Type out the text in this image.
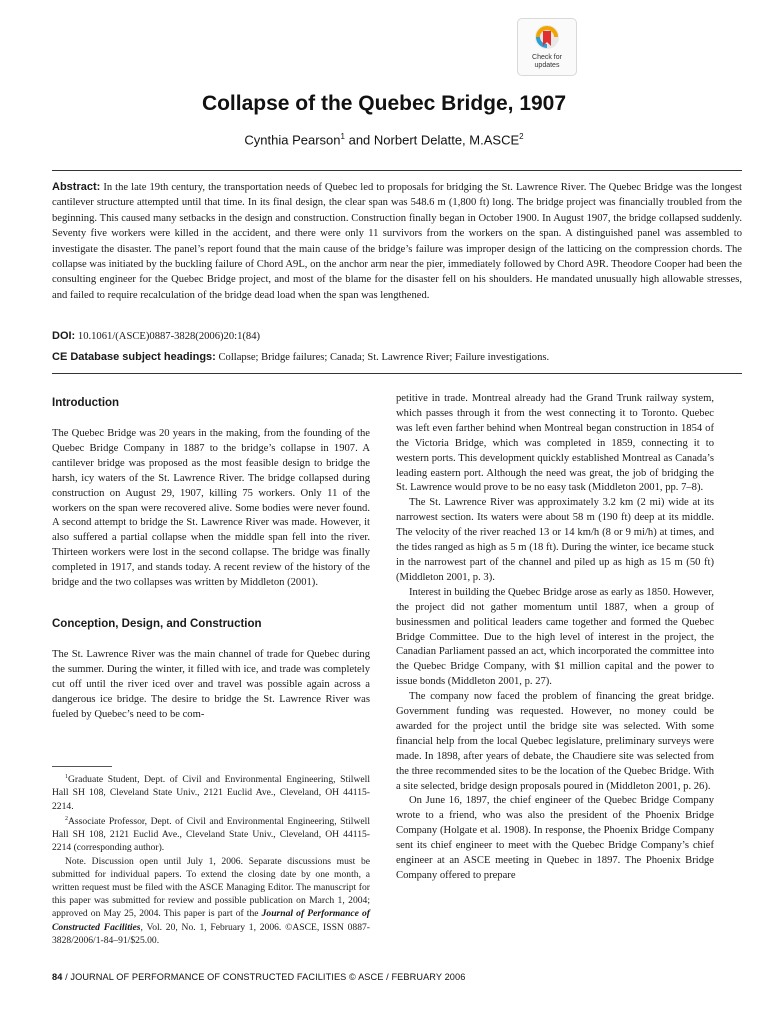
Check for
updates
Collapse of the Quebec Bridge, 1907
Cynthia Pearson$^1$ and Norbert Delatte, M.ASCE$^2$
Abstract: In the late 19th century, the transportation needs of Quebec led to proposals for bridging the St. Lawrence River. The Quebec Bridge was the longest cantilever structure attempted until that time. In its final design, the clear span was 548.6 m (1,800 ft) long. The bridge project was financially troubled from the beginning. This caused many setbacks in the design and construction. Construction finally began in October 1900. In August 1907, the bridge collapsed suddenly. Seventy five workers were killed in the accident, and there were only 11 survivors from the workers on the span. A distinguished panel was assembled to investigate the disaster. The panel’s report found that the main cause of the bridge’s failure was improper design of the latticing on the compression chords. The collapse was initiated by the buckling failure of Chord A9L, on the anchor arm near the pier, immediately followed by Chord A9R. Theodore Cooper had been the consulting engineer for the Quebec Bridge project, and most of the blame for the disaster fell on his shoulders. He mandated unusually high allowable stresses, and failed to require recalculation of the bridge dead load when the span was lengthened.
DOI: 10.1061/(ASCE)0887-3828(2006)20:1(84)
CE Database subject headings: Collapse; Bridge failures; Canada; St. Lawrence River; Failure investigations.
Introduction

The Quebec Bridge was 20 years in the making, from the founding of the Quebec Bridge Company in 1887 to the bridge’s collapse in 1907. A cantilever bridge was proposed as the most feasible design to bridge the harsh, icy waters of the St. Lawrence River. The bridge collapsed during construction on August 29, 1907, killing 75 workers. Only 11 of the workers on the span were recovered alive. Some bodies were never found. A second attempt to bridge the St. Lawrence River was made. However, it also suffered a partial collapse when the middle span fell into the river. Thirteen workers were lost in the second collapse. The bridge was finally completed in 1917, and stands today. A recent review of the history of the bridge and the two collapses was written by Middleton (2001).

Conception, Design, and Construction

The St. Lawrence River was the main channel of trade for Quebec during the summer. During the winter, it filled with ice, and trade was completely cut off until the river iced over and travel was possible again across a dangerous ice bridge. The desire to bridge the St. Lawrence River was fueled by Quebec’s need to be com-

$^1$Graduate Student, Dept. of Civil and Environmental Engineering, Stilwell Hall SH 108, Cleveland State Univ., 2121 Euclid Ave., Cleveland, OH 44115-2214.

$^2$Associate Professor, Dept. of Civil and Environmental Engineering, Stilwell Hall SH 108, 2121 Euclid Ave., Cleveland State Univ., Cleveland, OH 44115-2214 (corresponding author).

Note. Discussion open until July 1, 2006. Separate discussions must be submitted for individual papers. To extend the closing date by one month, a written request must be filed with the ASCE Managing Editor. The manuscript for this paper was submitted for review and possible publication on March 1, 2004; approved on May 25, 2004. This paper is part of the Journal of Performance of Constructed Facilities, Vol. 20, No. 1, February 1, 2006. ©ASCE, ISSN 0887-3828/2006/1-84–91/$25.00.

petitive in trade. Montreal already had the Grand Trunk railway system, which passes through it from the west connecting it to Toronto. Quebec was left even farther behind when Montreal began construction in 1854 of the Victoria Bridge, which was completed in 1859, connecting it to western ports. This development quickly established Montreal as Canada’s leading eastern port. Although the need was great, the job of bridging the St. Lawrence would prove to be no easy task (Middleton 2001, pp. 7–8).

The St. Lawrence River was approximately 3.2 km (2 mi) wide at its narrowest section. Its waters were about 58 m (190 ft) deep at its middle. The velocity of the river reached 13 or 14 km/h (8 or 9 mi/h) at times, and the tides ranged as high as 5 m (18 ft). During the winter, ice became stuck in the narrowest part of the channel and piled up as high as 15 m (50 ft) (Middleton 2001, p. 3).

Interest in building the Quebec Bridge arose as early as 1850. However, the project did not gather momentum until 1887, when a group of businessmen and political leaders came together and formed the Quebec Bridge Committee. Due to the high level of interest in the project, the Canadian Parliament passed an act, which incorporated the committee into the Quebec Bridge Company, with $1 million capital and the power to issue bonds (Middleton 2001, p. 27).

The company now faced the problem of financing the great bridge. Government funding was requested. However, no money could be awarded for the project until the bridge site was selected. With some financial help from the local Quebec legislature, preliminary surveys were made. In 1898, after years of debate, the Chaudiere site was selected from the three recommended sites to be the location of the Quebec Bridge. With a site selected, bridge design proposals poured in (Middleton 2001, p. 26).

On June 16, 1897, the chief engineer of the Quebec Bridge Company wrote to a friend, who was also the president of the Phoenix Bridge Company (Holgate et al. 1908). In response, the Phoenix Bridge Company sent its chief engineer to meet with the Quebec Bridge Company’s chief engineer at an ASCE meeting in Quebec in 1897. The Phoenix Bridge Company offered to prepare

84 / JOURNAL OF PERFORMANCE OF CONSTRUCTED FACILITIES © ASCE / FEBRUARY 2006
